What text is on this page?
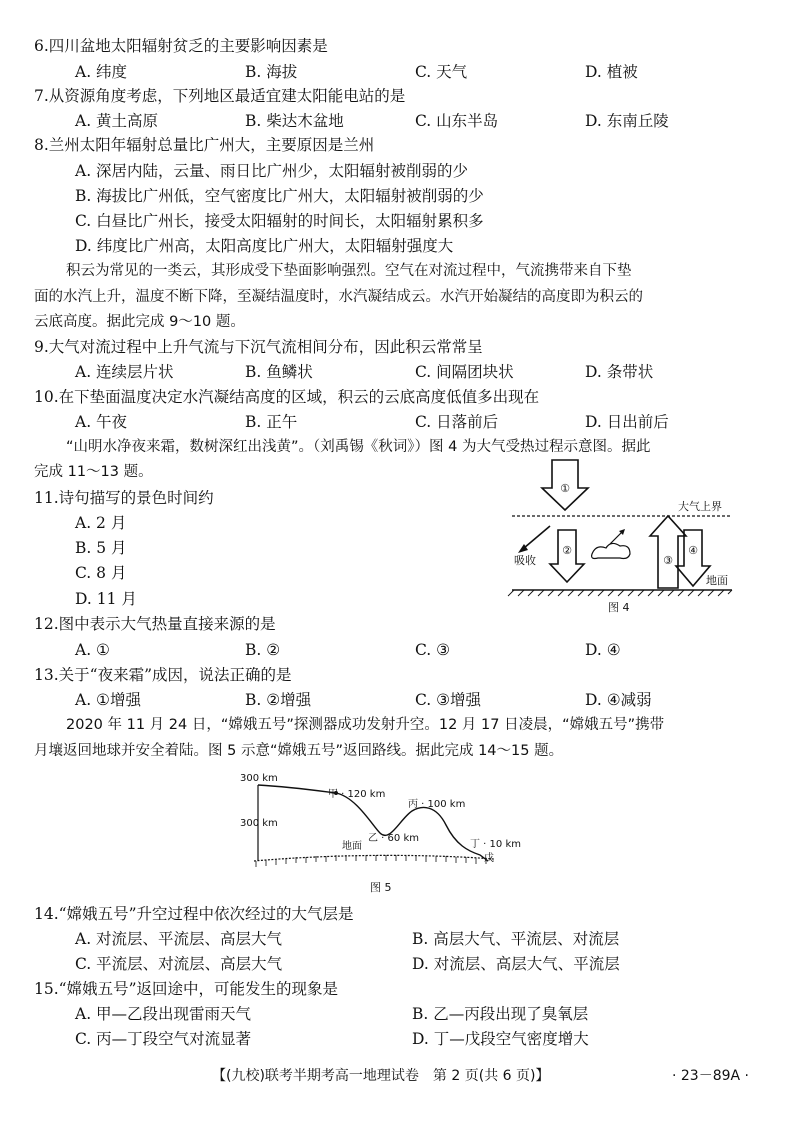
6.四川盆地太阳辐射贫乏的主要影响因素是
A. 纬度	B. 海拔	C. 天气	D. 植被
7.从资源角度考虑，下列地区最适宜建太阳能电站的是
A. 黄土高原	B. 柴达木盆地	C. 山东半岛	D. 东南丘陵
8.兰州太阳年辐射总量比广州大，主要原因是兰州
A. 深居内陆，云量、雨日比广州少，太阳辐射被削弱的少
B. 海拔比广州低，空气密度比广州大，太阳辐射被削弱的少
C. 白昼比广州长，接受太阳辐射的时间长，太阳辐射累积多
D. 纬度比广州高，太阳高度比广州大，太阳辐射强度大
积云为常见的一类云，其形成受下垫面影响强烈。空气在对流过程中，气流携带来自下垫
面的水汽上升，温度不断下降，至凝结温度时，水汽凝结成云。水汽开始凝结的高度即为积云的
云底高度。据此完成 9～10 题。
9.大气对流过程中上升气流与下沉气流相间分布，因此积云常常呈
A. 连续层片状	B. 鱼鳞状	C. 间隔团块状	D. 条带状
10.在下垫面温度决定水汽凝结高度的区域，积云的云底高度低值多出现在
A. 午夜	B. 正午	C. 日落前后	D. 日出前后
“山明水净夜来霜，数树深红出浅黄”。（刘禹锡《秋词》）图 4 为大气受热过程示意图。据此
完成 11～13 题。
11.诗句描写的景色时间约
A. 2 月
B. 5 月
C. 8 月
D. 11 月
①
大气上界
吸收
②
③
④
地面
图 4
12.图中表示大气热量直接来源的是
A. ①	B. ②	C. ③	D. ④
13.关于“夜来霜”成因，说法正确的是
A. ①增强	B. ②增强	C. ③增强	D. ④减弱
2020 年 11 月 24 日，“嫦娥五号”探测器成功发射升空。12 月 17 日凌晨，“嫦娥五号”携带
月壤返回地球并安全着陆。图 5 示意“嫦娥五号”返回路线。据此完成 14～15 题。
300 km
300 km
甲 · 120 km
丙 · 100 km
乙 · 60 km
地面	丁 · 10 km
戊
图 5
14.“嫦娥五号”升空过程中依次经过的大气层是
A. 对流层、平流层、高层大气	B. 高层大气、平流层、对流层
C. 平流层、对流层、高层大气	D. 对流层、高层大气、平流层
15.“嫦娥五号”返回途中，可能发生的现象是
A. 甲—乙段出现雷雨天气	B. 乙—丙段出现了臭氧层
C. 丙—丁段空气对流显著	D. 丁—戊段空气密度增大
【(九校)联考半期考高一地理试卷　第 2 页(共 6 页)】	· 23－89A ·
